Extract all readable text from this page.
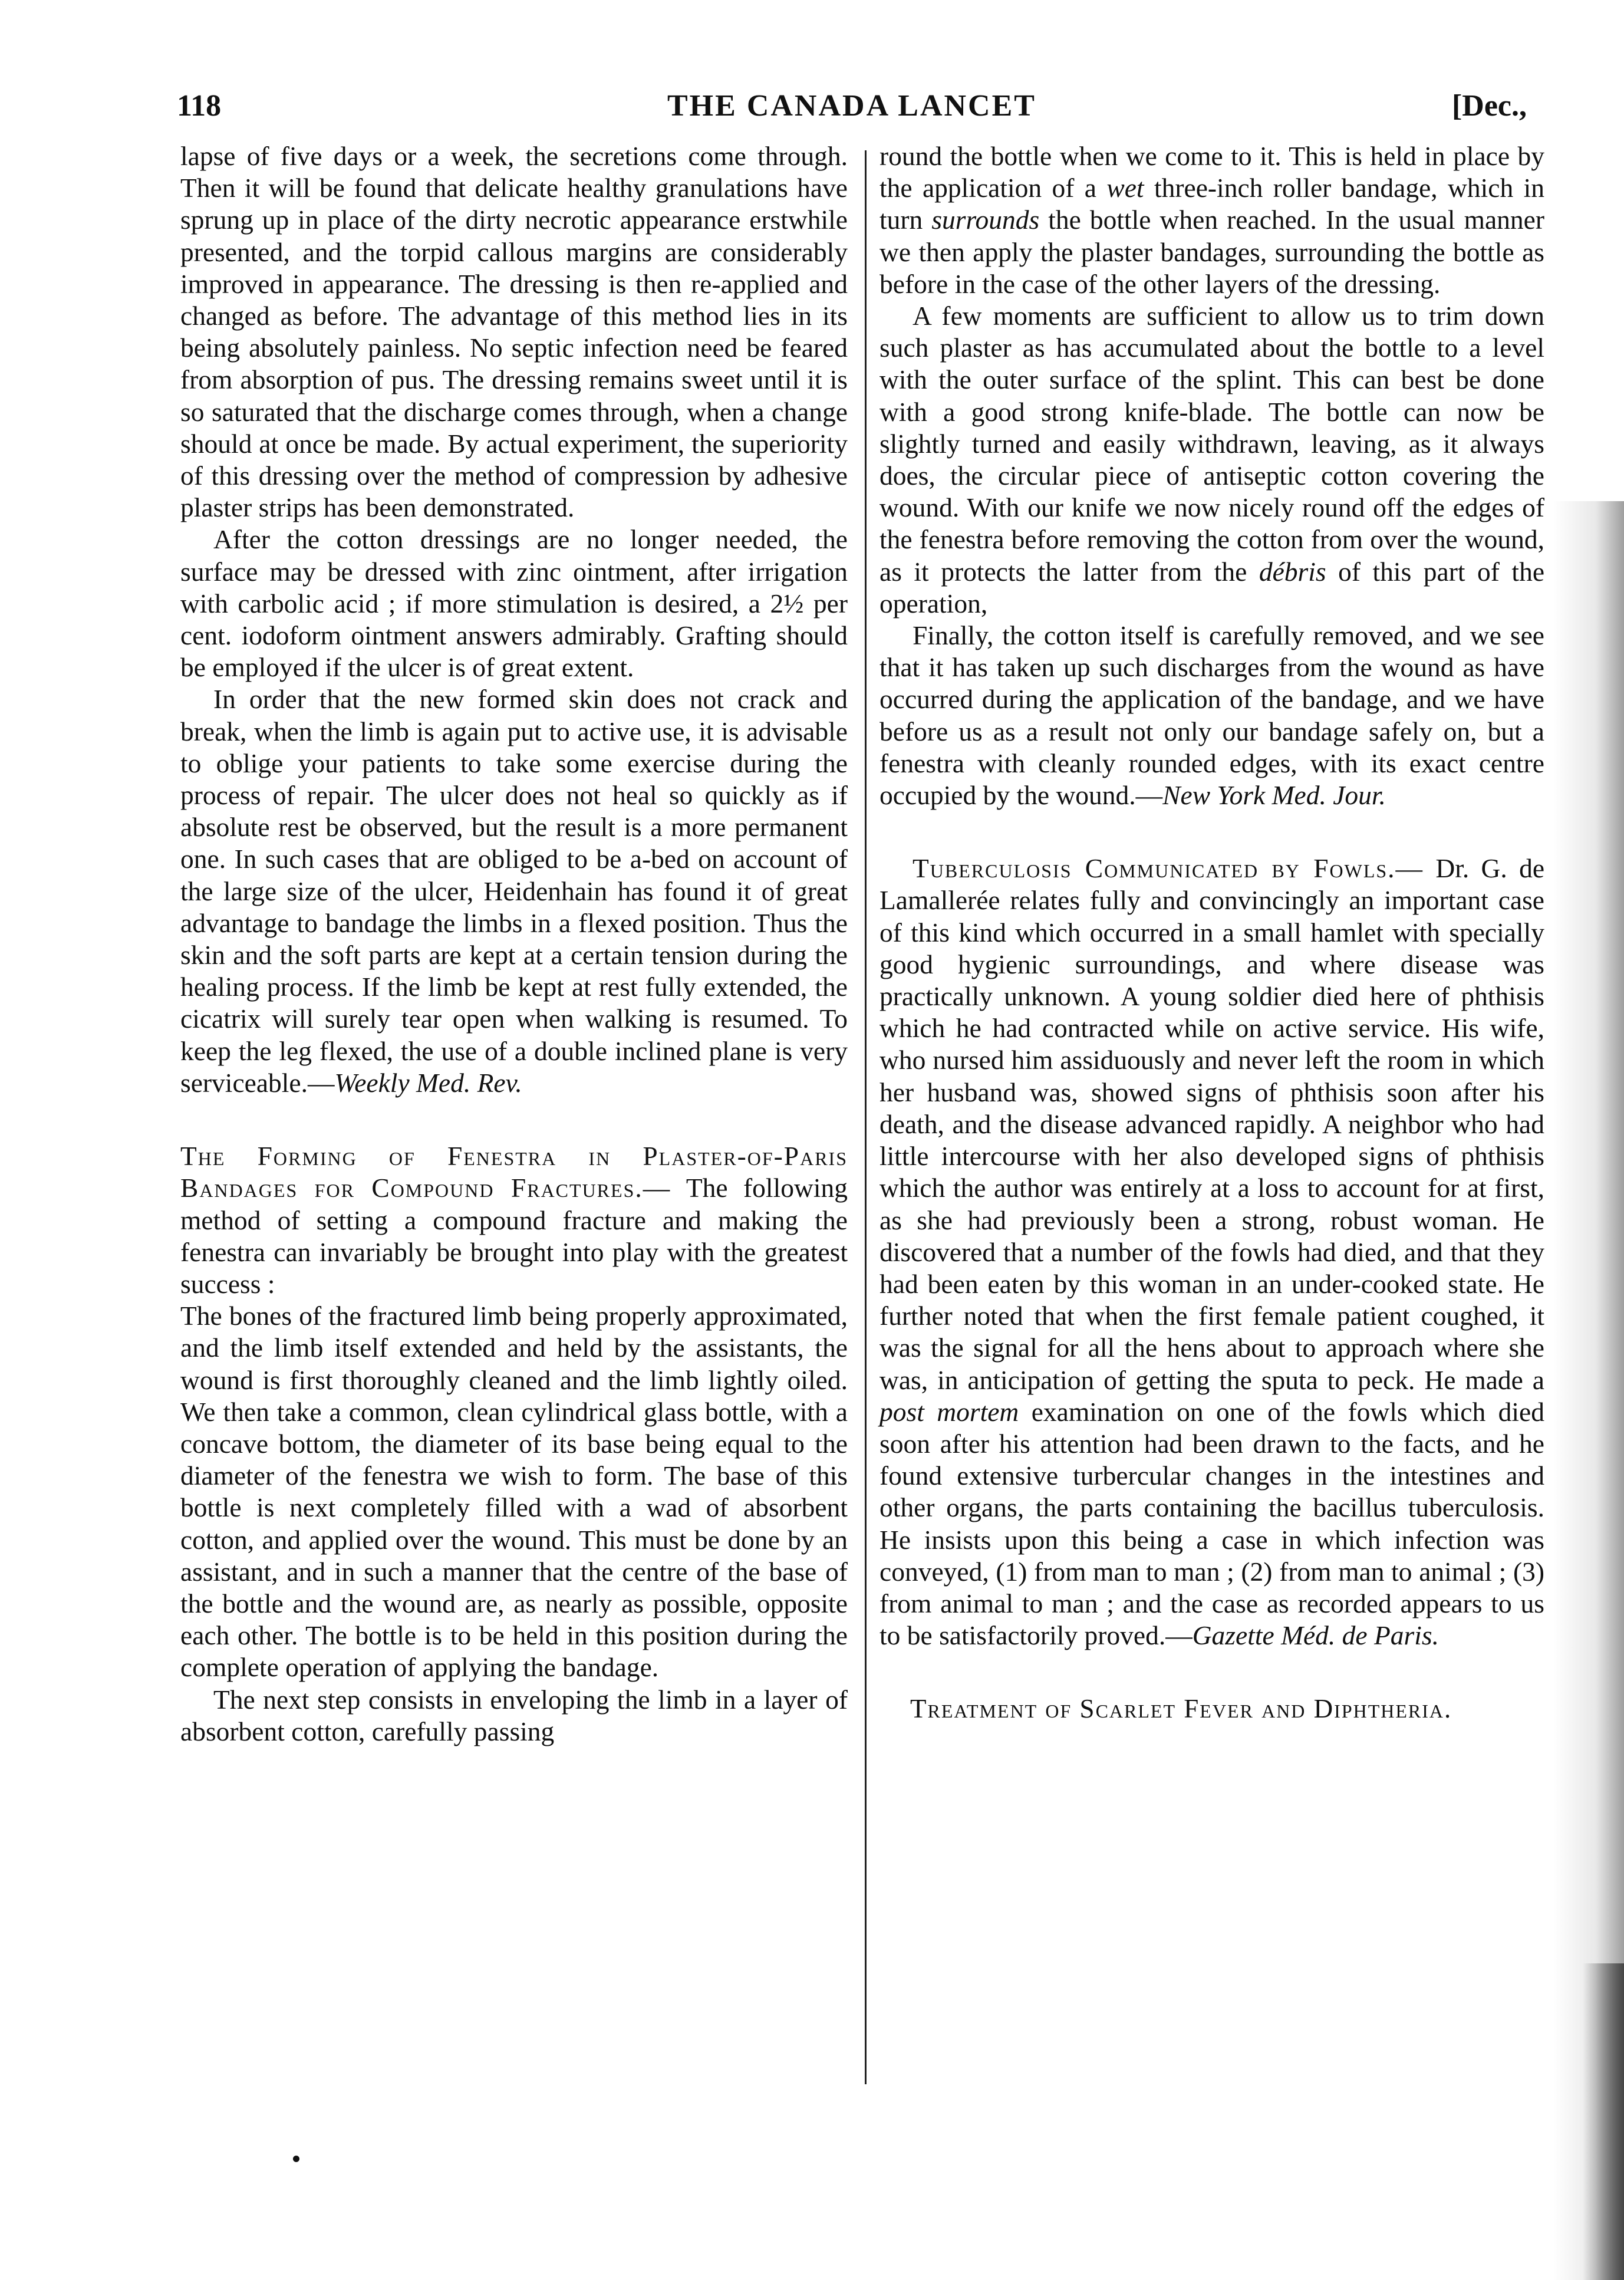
118	THE CANADA LANCET	[Dec.,

lapse of five days or a week, the secretions come through. Then it will be found that delicate healthy granulations have sprung up in place of the dirty necrotic appearance erstwhile presented, and the torpid callous margins are considerably improved in appearance. The dressing is then re-applied and changed as before. The advantage of this method lies in its being absolutely painless. No septic infection need be feared from absorption of pus. The dressing remains sweet until it is so saturated that the discharge comes through, when a change should at once be made. By actual experiment, the superiority of this dressing over the method of compression by adhesive plaster strips has been demonstrated.

After the cotton dressings are no longer needed, the surface may be dressed with zinc ointment, after irrigation with carbolic acid ; if more stimulation is desired, a 2½ per cent. iodoform ointment answers admirably. Grafting should be employed if the ulcer is of great extent.

In order that the new formed skin does not crack and break, when the limb is again put to active use, it is advisable to oblige your patients to take some exercise during the process of repair. The ulcer does not heal so quickly as if absolute rest be observed, but the result is a more permanent one. In such cases that are obliged to be a-bed on account of the large size of the ulcer, Heidenhain has found it of great advantage to bandage the limbs in a flexed position. Thus the skin and the soft parts are kept at a certain tension during the healing process. If the limb be kept at rest fully extended, the cicatrix will surely tear open when walking is resumed. To keep the leg flexed, the use of a double inclined plane is very serviceable.—Weekly Med. Rev.

The Forming of Fenestra in Plaster-of-Paris Bandages for Compound Fractures.— The following method of setting a compound fracture and making the fenestra can invariably be brought into play with the greatest success :

The bones of the fractured limb being properly approximated, and the limb itself extended and held by the assistants, the wound is first thoroughly cleaned and the limb lightly oiled. We then take a common, clean cylindrical glass bottle, with a concave bottom, the diameter of its base being equal to the diameter of the fenestra we wish to form. The base of this bottle is next completely filled with a wad of absorbent cotton, and applied over the wound. This must be done by an assistant, and in such a manner that the centre of the base of the bottle and the wound are, as nearly as possible, opposite each other. The bottle is to be held in this position during the complete operation of applying the bandage.

The next step consists in enveloping the limb in a layer of absorbent cotton, carefully passing

round the bottle when we come to it. This is held in place by the application of a wet three-inch roller bandage, which in turn surrounds the bottle when reached. In the usual manner we then apply the plaster bandages, surrounding the bottle as before in the case of the other layers of the dressing.

A few moments are sufficient to allow us to trim down such plaster as has accumulated about the bottle to a level with the outer surface of the splint. This can best be done with a good strong knife-blade. The bottle can now be slightly turned and easily withdrawn, leaving, as it always does, the circular piece of antiseptic cotton covering the wound. With our knife we now nicely round off the edges of the fenestra before removing the cotton from over the wound, as it protects the latter from the débris of this part of the operation,

Finally, the cotton itself is carefully removed, and we see that it has taken up such discharges from the wound as have occurred during the application of the bandage, and we have before us as a result not only our bandage safely on, but a fenestra with cleanly rounded edges, with its exact centre occupied by the wound.—New York Med. Jour.

Tuberculosis Communicated by Fowls.— Dr. G. de Lamallerée relates fully and convincingly an important case of this kind which occurred in a small hamlet with specially good hygienic surroundings, and where disease was practically unknown. A young soldier died here of phthisis which he had contracted while on active service. His wife, who nursed him assiduously and never left the room in which her husband was, showed signs of phthisis soon after his death, and the disease advanced rapidly. A neighbor who had little intercourse with her also developed signs of phthisis which the author was entirely at a loss to account for at first, as she had previously been a strong, robust woman. He discovered that a number of the fowls had died, and that they had been eaten by this woman in an under-cooked state. He further noted that when the first female patient coughed, it was the signal for all the hens about to approach where she was, in anticipation of getting the sputa to peck. He made a post mortem examination on one of the fowls which died soon after his attention had been drawn to the facts, and he found extensive turbercular changes in the intestines and other organs, the parts containing the bacillus tuberculosis. He insists upon this being a case in which infection was conveyed, (1) from man to man ; (2) from man to animal ; (3) from animal to man ; and the case as recorded appears to us to be satisfactorily proved.—Gazette Méd. de Paris.

Treatment of Scarlet Fever and Diphtheria.
